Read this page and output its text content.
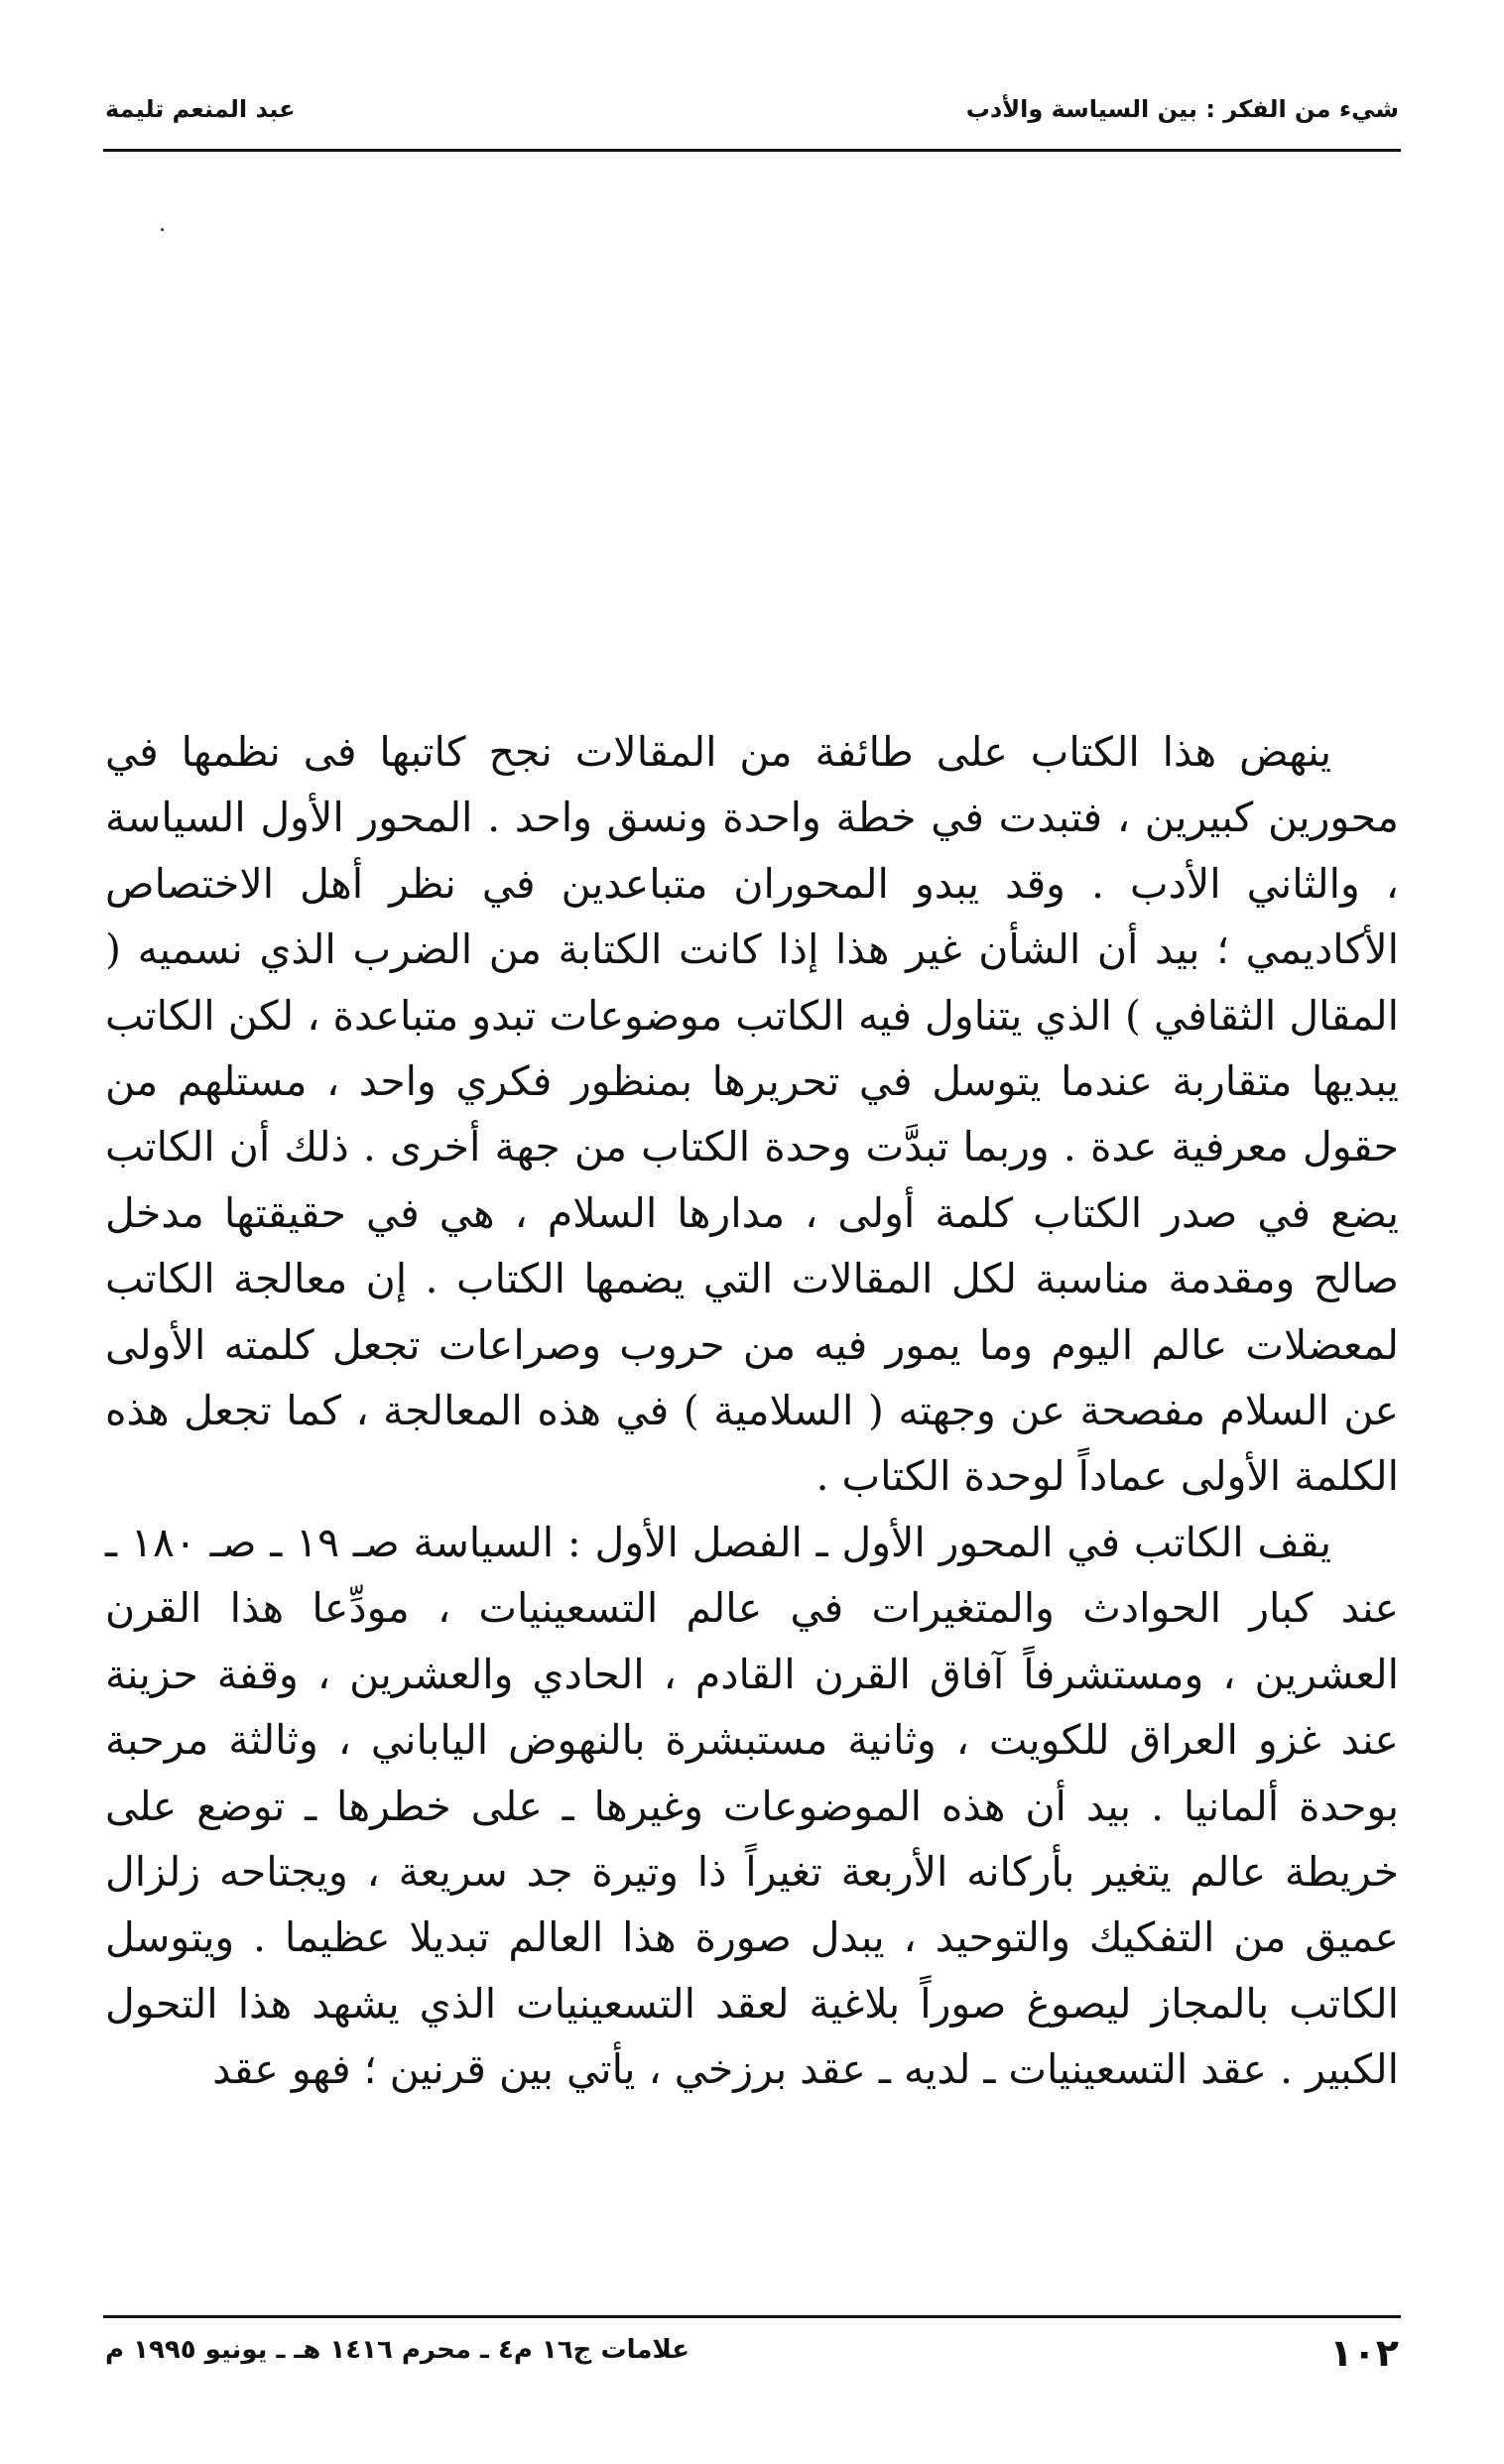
شيء من الفكر : بين السياسة والأدب
عبد المنعم تليمة

ينهض هذا الكتاب على طائفة من المقالات نجح كاتبها فى نظمها في محورين كبيرين ، فتبدت في خطة واحدة ونسق واحد . المحور الأول السياسة ، والثاني الأدب . وقد يبدو المحوران متباعدين في نظر أهل الاختصاص الأكاديمي ؛ بيد أن الشأن غير هذا إذا كانت الكتابة من الضرب الذي نسميه ( المقال الثقافي ) الذي يتناول فيه الكاتب موضوعات تبدو متباعدة ، لكن الكاتب يبديها متقاربة عندما يتوسل في تحريرها بمنظور فكري واحد ، مستلهم من حقول معرفية عدة . وربما تبدَّت وحدة الكتاب من جهة أخرى . ذلك أن الكاتب يضع في صدر الكتاب كلمة أولى ، مدارها السلام ، هي في حقيقتها مدخل صالح ومقدمة مناسبة لكل المقالات التي يضمها الكتاب . إن معالجة الكاتب لمعضلات عالم اليوم وما يمور فيه من حروب وصراعات تجعل كلمته الأولى عن السلام مفصحة عن وجهته ( السلامية ) في هذه المعالجة ، كما تجعل هذه الكلمة الأولى عماداً لوحدة الكتاب .

يقف الكاتب في المحور الأول ـ الفصل الأول : السياسة صـ ١٩ ـ صـ ١٨٠ ـ عند كبار الحوادث والمتغيرات في عالم التسعينيات ، مودِّعا هذا القرن العشرين ، ومستشرفاً آفاق القرن القادم ، الحادي والعشرين ، وقفة حزينة عند غزو العراق للكويت ، وثانية مستبشرة بالنهوض الياباني ، وثالثة مرحبة بوحدة ألمانيا . بيد أن هذه الموضوعات وغيرها ـ على خطرها ـ توضع على خريطة عالم يتغير بأركانه الأربعة تغيراً ذا وتيرة جد سريعة ، ويجتاحه زلزال عميق من التفكيك والتوحيد ، يبدل صورة هذا العالم تبديلا عظيما . ويتوسل الكاتب بالمجاز ليصوغ صوراً بلاغية لعقد التسعينيات الذي يشهد هذا التحول الكبير . عقد التسعينيات ـ لديه ـ عقد برزخي ، يأتي بين قرنين ؛ فهو عقد

علامات ج١٦ م٤ ـ محرم ١٤١٦ هـ ـ يونيو ١٩٩٥ م	١٠٢
